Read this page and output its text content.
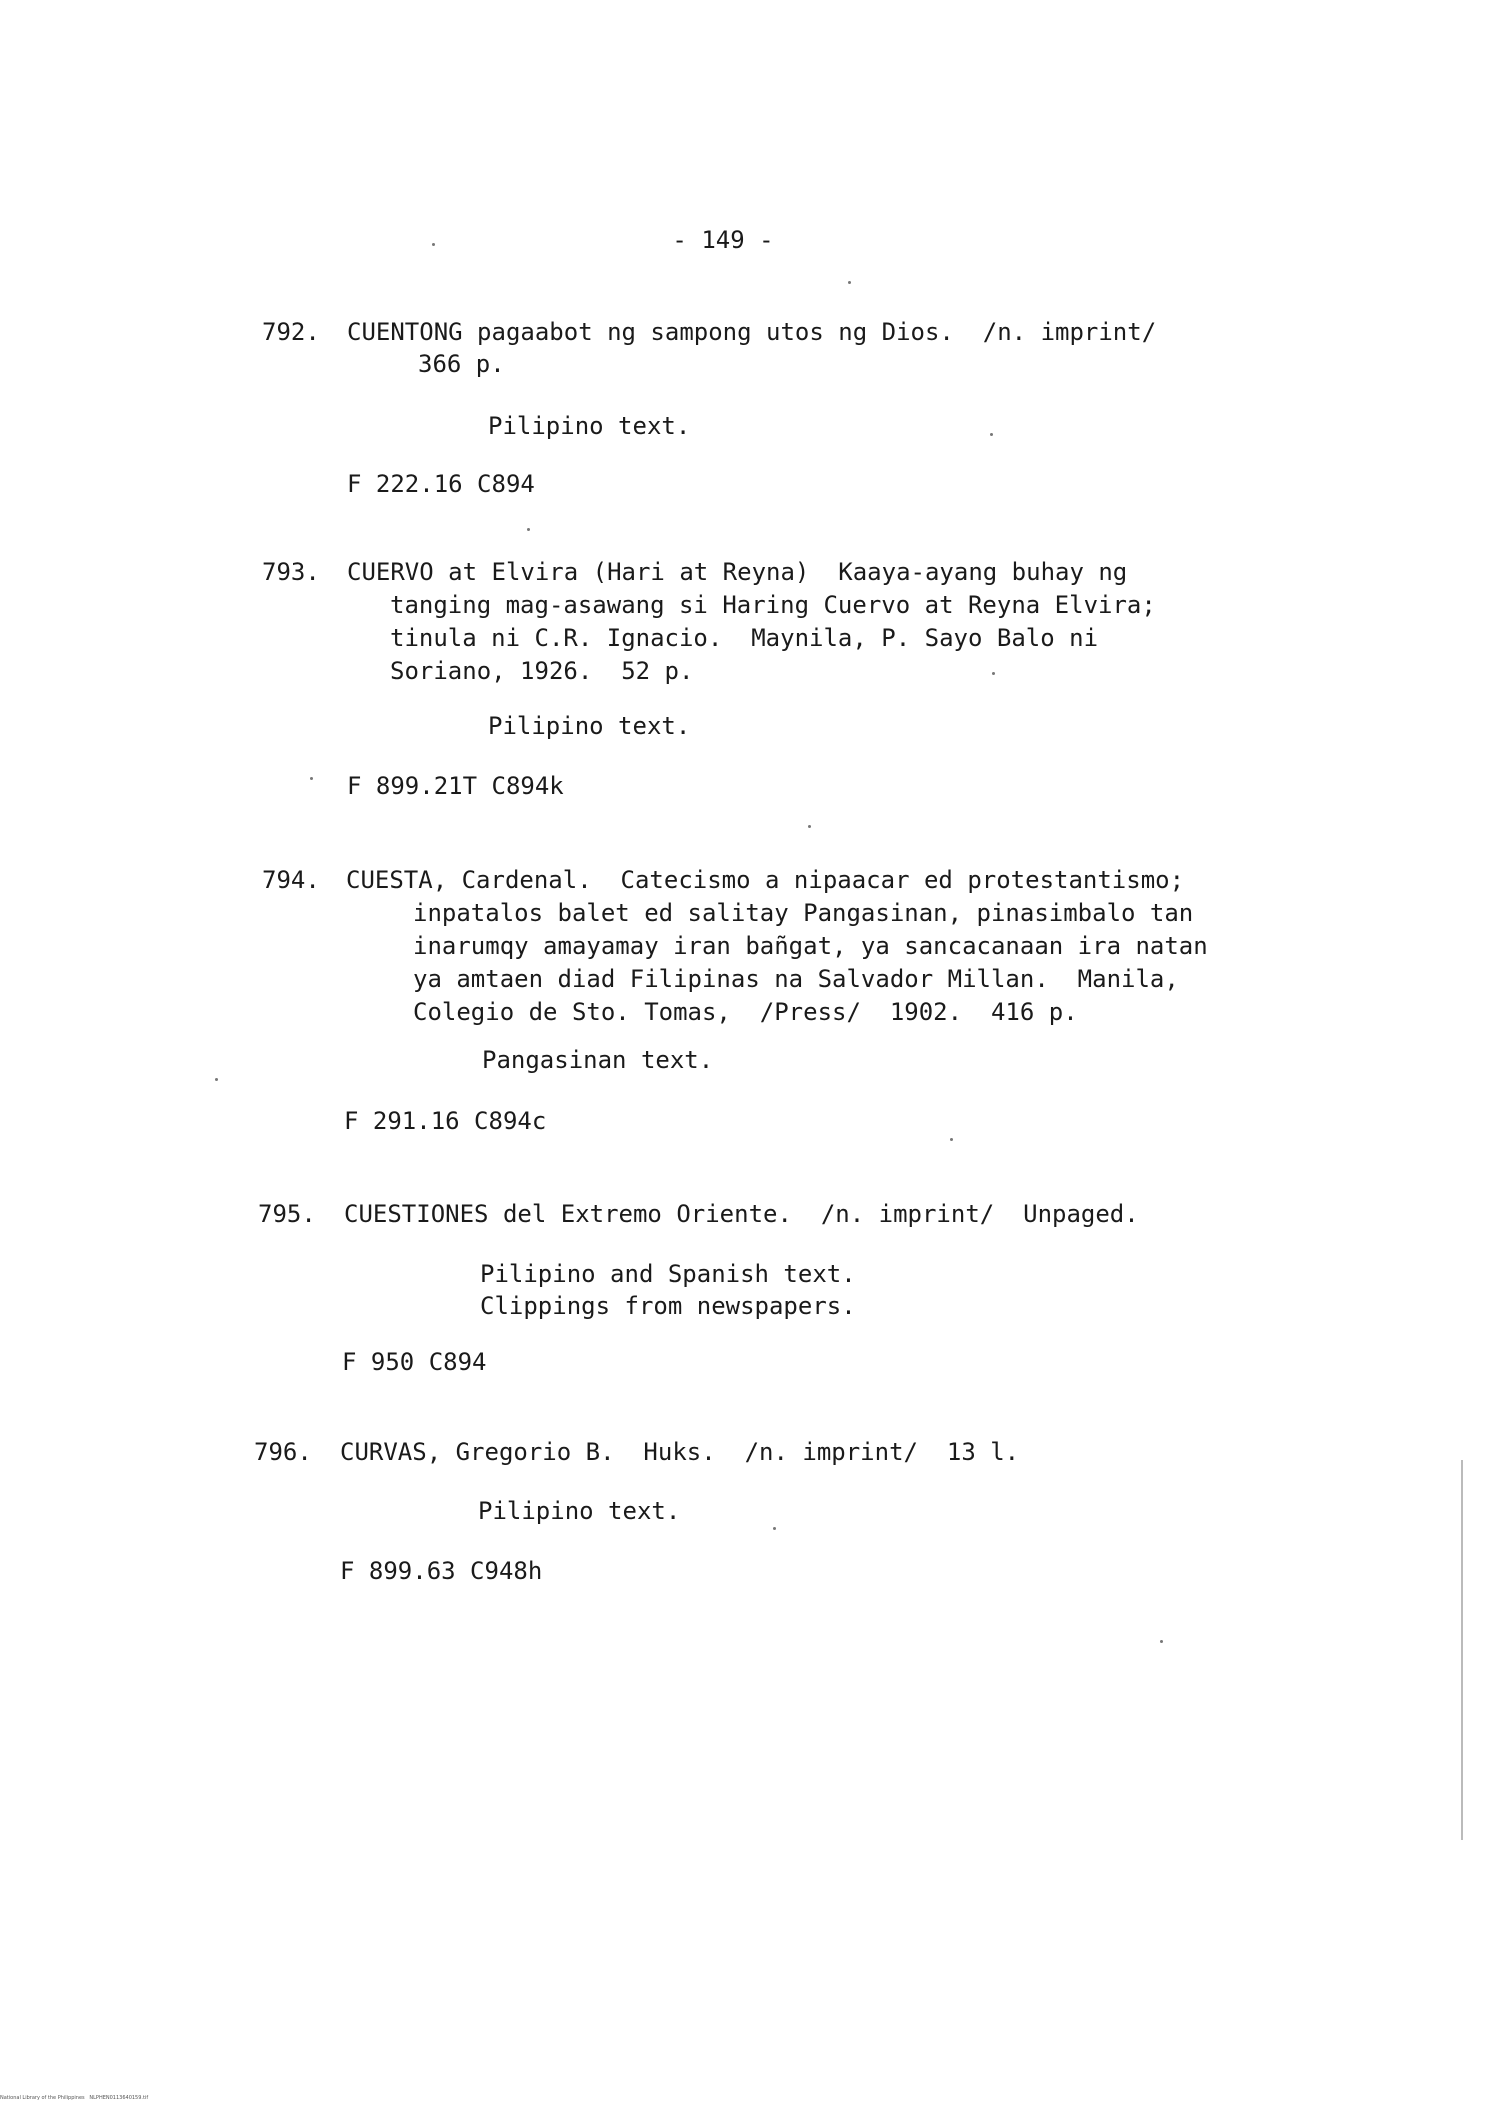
- 149 -
792. CUENTONG pagaabot ng sampong utos ng Dios.  ∕n. imprint∕
366 p.
Pilipino text.
F 222.16 C894
793. CUERVO at Elvira (Hari at Reyna)  Kaaya-ayang buhay ng
tanging mag-asawang si Haring Cuervo at Reyna Elvira;
tinula ni C.R. Ignacio.  Maynila, P. Sayo Balo ni
Soriano, 1926.  52 p.
Pilipino text.
F 899.21T C894k
794. CUESTA, Cardenal.  Catecismo a nipaacar ed protestantismo;
inpatalos balet ed salitay Pangasinan, pinasimbalo tan
inarumqy amayamay iran bañgat, ya sancacanaan ira natan
ya amtaen diad Filipinas na Salvador Millan.  Manila,
Colegio de Sto. Tomas,  ∕Press∕  1902.  416 p.
Pangasinan text.
F 291.16 C894c
795. CUESTIONES del Extremo Oriente.  ∕n. imprint∕  Unpaged.
Pilipino and Spanish text.
Clippings from newspapers.
F 950 C894
796. CURVAS, Gregorio B.  Huks.  ∕n. imprint∕  13 l.
Pilipino text.
F 899.63 C948h
National Library of the Philippines   NLPHEN0113640159.tif
